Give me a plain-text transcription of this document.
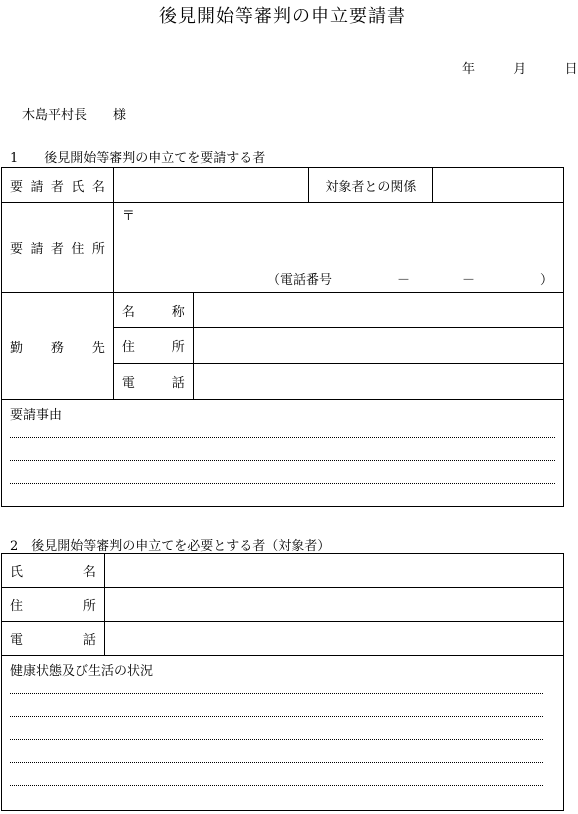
後見開始等審判の申立要請書
年	月	日
木島平村長　　様
1　　後見開始等審判の申立てを要請する者
要請者氏名			対象者との関係	
要請者住所	〒
（電話番号　　　　　－　　　　－　　　　　）			

勤　務　先	名称			
	住所			
	電話			

要請事由				
2　後見開始等審判の申立てを必要とする者（対象者）
氏名	
住所	
電話	

健康状態及び生活の状況	
